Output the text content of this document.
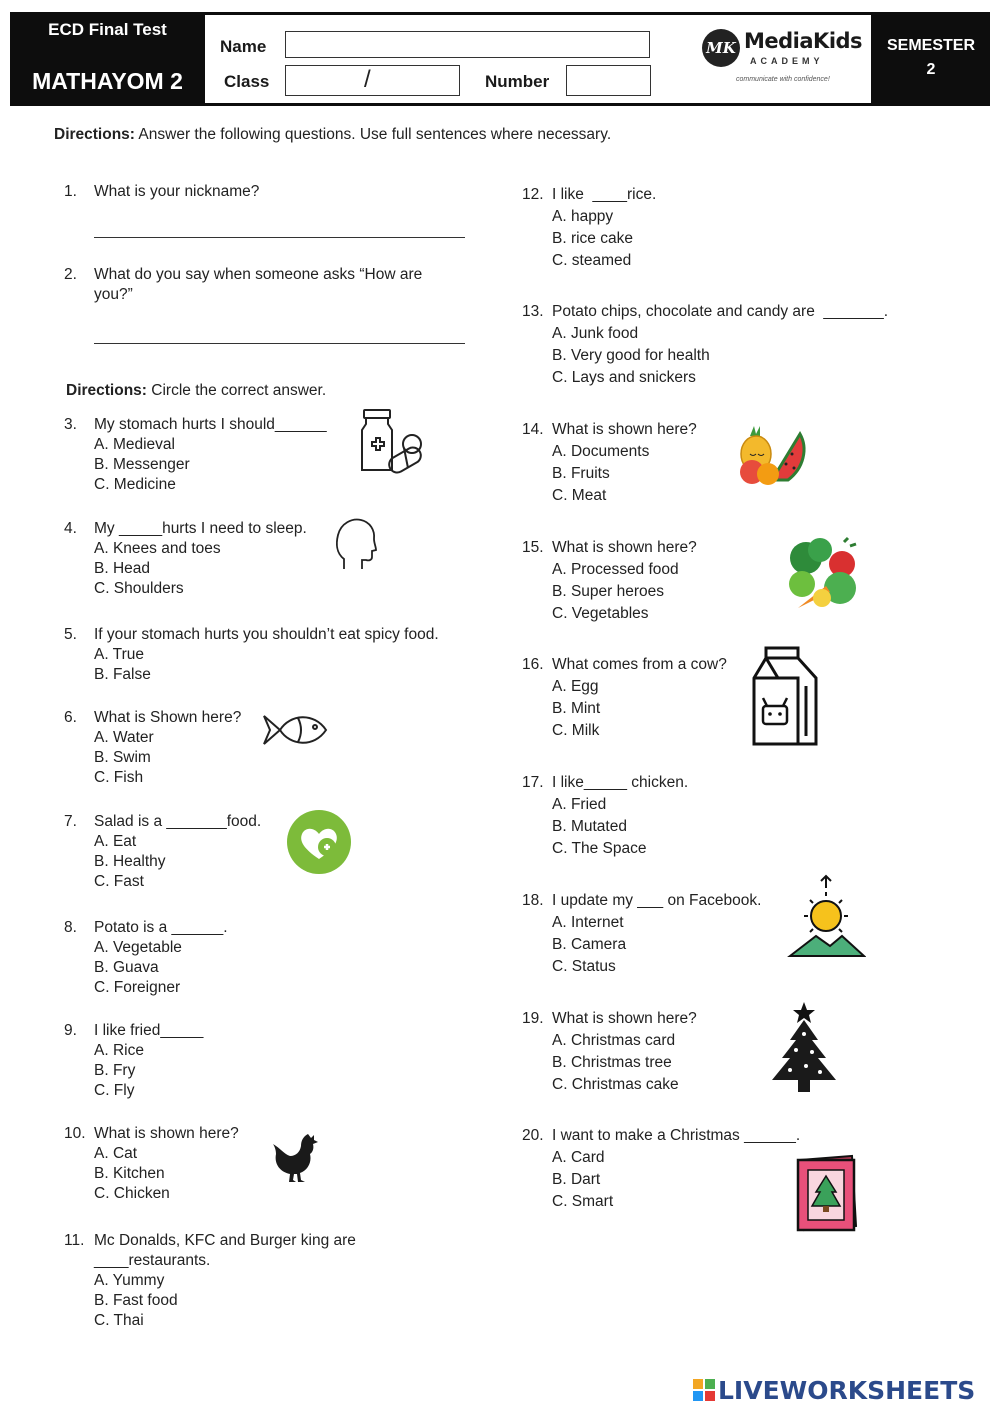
ECD Final Test
MATHAYOM 2
Name
Class	/	Number
MK MediaKids
ACADEMY
communicate with confidence!
SEMESTER
2
Directions: Answer the following questions. Use full sentences where necessary.
Directions: Circle the correct answer.
1. What is your nickname?
2. What do you say when someone asks “How are
you?”
3. My stomach hurts I should______
A. Medieval
B. Messenger
C. Medicine
4. My _____hurts I need to sleep.
A. Knees and toes
B. Head
C. Shoulders
5. If your stomach hurts you shouldn’t eat spicy food.
A. True
B. False
6. What is Shown here?
A. Water
B. Swim
C. Fish
7. Salad is a _______food.
A. Eat
B. Healthy
C. Fast
8. Potato is a ______.
A. Vegetable
B. Guava
C. Foreigner
9. I like fried_____
A. Rice
B. Fry
C. Fly
10. What is shown here?
A. Cat
B. Kitchen
C. Chicken
11. Mc Donalds, KFC and Burger king are
____restaurants.
A. Yummy
B. Fast food
C. Thai
12. I like  ____rice.
A. happy
B. rice cake
C. steamed
13. Potato chips, chocolate and candy are  _______.
A. Junk food
B. Very good for health
C. Lays and snickers
14. What is shown here?
A. Documents
B. Fruits
C. Meat
15. What is shown here?
A. Processed food
B. Super heroes
C. Vegetables
16. What comes from a cow?
A. Egg
B. Mint
C. Milk
17. I like_____ chicken.
A. Fried
B. Mutated
C. The Space
18. I update my ___ on Facebook.
A. Internet
B. Camera
C. Status
19. What is shown here?
A. Christmas card
B. Christmas tree
C. Christmas cake
20. I want to make a Christmas ______.
A. Card
B. Dart
C. Smart
LIVEWORKSHEETS
